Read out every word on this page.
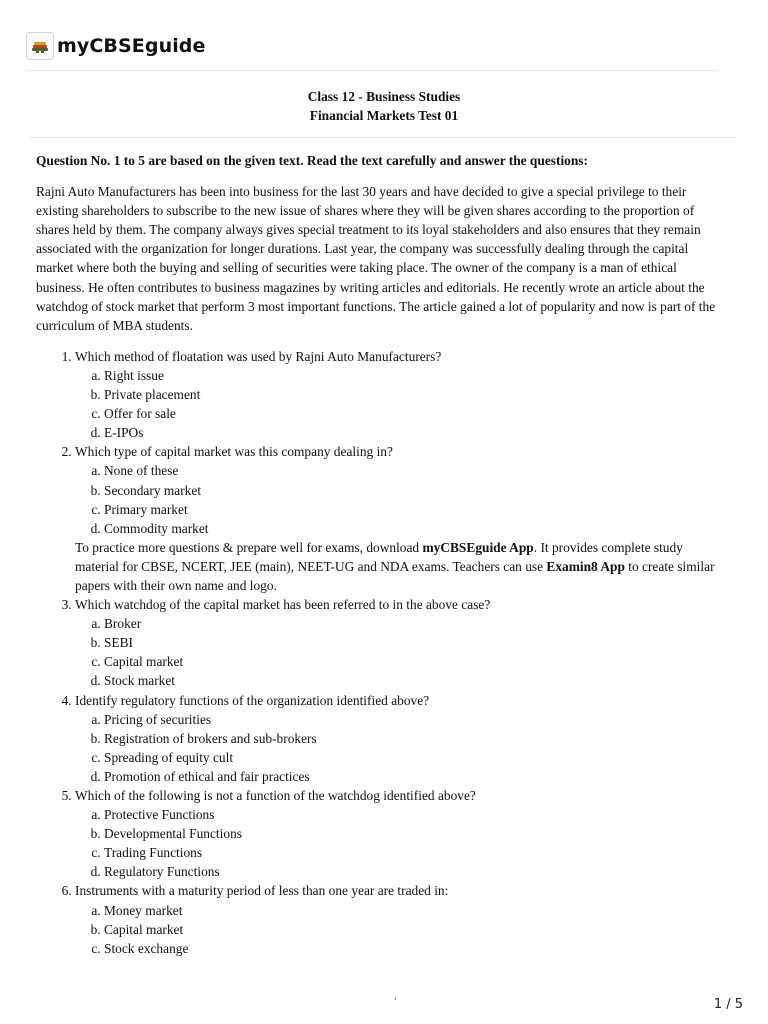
myCBSEguide
Class 12 - Business Studies
Financial Markets Test 01

Question No. 1 to 5 are based on the given text. Read the text carefully and answer the questions:

Rajni Auto Manufacturers has been into business for the last 30 years and have decided to give a special privilege to their existing shareholders to subscribe to the new issue of shares where they will be given shares according to the proportion of shares held by them. The company always gives special treatment to its loyal stakeholders and also ensures that they remain associated with the organization for longer durations. Last year, the company was successfully dealing through the capital market where both the buying and selling of securities were taking place. The owner of the company is a man of ethical business. He often contributes to business magazines by writing articles and editorials. He recently wrote an article about the watchdog of stock market that perform 3 most important functions. The article gained a lot of popularity and now is part of the curriculum of MBA students.

1. Which method of floatation was used by Rajni Auto Manufacturers?
a. Right issue
b. Private placement
c. Offer for sale
d. E-IPOs
2. Which type of capital market was this company dealing in?
a. None of these
b. Secondary market
c. Primary market
d. Commodity market

To practice more questions & prepare well for exams, download myCBSEguide App. It provides complete study material for CBSE, NCERT, JEE (main), NEET-UG and NDA exams. Teachers can use Examin8 App to create similar papers with their own name and logo.

3. Which watchdog of the capital market has been referred to in the above case?
a. Broker
b. SEBI
c. Capital market
d. Stock market
4. Identify regulatory functions of the organization identified above?
a. Pricing of securities
b. Registration of brokers and sub-brokers
c. Spreading of equity cult
d. Promotion of ethical and fair practices
5. Which of the following is not a function of the watchdog identified above?
a. Protective Functions
b. Developmental Functions
c. Trading Functions
d. Regulatory Functions
6. Instruments with a maturity period of less than one year are traded in:
a. Money market
b. Capital market
c. Stock exchange
'	1 / 5
